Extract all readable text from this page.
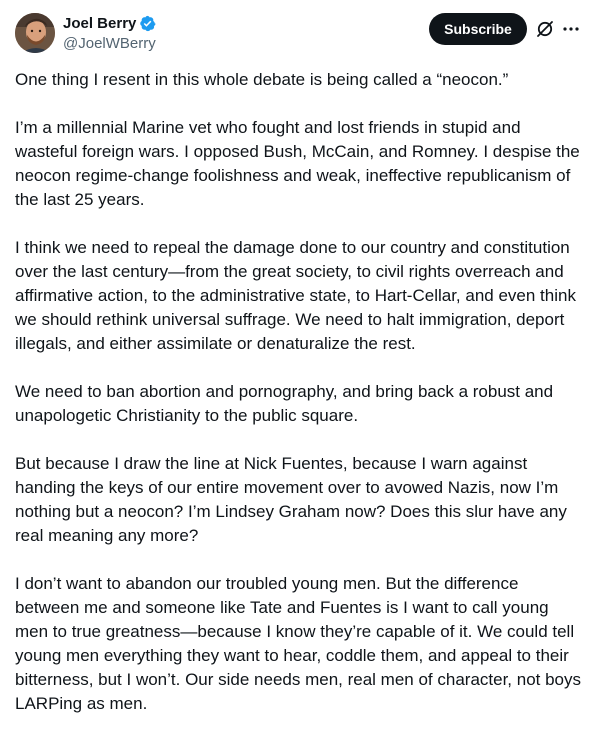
Joel Berry
@JoelWBerry
Subscribe

One thing I resent in this whole debate is being called a “neocon.”

I’m a millennial Marine vet who fought and lost friends in stupid and wasteful foreign wars. I opposed Bush, McCain, and Romney. I despise the neocon regime-change foolishness and weak, ineffective republicanism of the last 25 years.

I think we need to repeal the damage done to our country and constitution over the last century—from the great society, to civil rights overreach and affirmative action, to the administrative state, to Hart-Cellar, and even think we should rethink universal suffrage. We need to halt immigration, deport illegals, and either assimilate or denaturalize the rest.

We need to ban abortion and pornography, and bring back a robust and unapologetic Christianity to the public square.

But because I draw the line at Nick Fuentes, because I warn against handing the keys of our entire movement over to avowed Nazis, now I’m nothing but a neocon? I’m Lindsey Graham now? Does this slur have any real meaning any more?

I don’t want to abandon our troubled young men. But the difference between me and someone like Tate and Fuentes is I want to call young men to true greatness—because I know they’re capable of it. We could tell young men everything they want to hear, coddle them, and appeal to their bitterness, but I won’t. Our side needs men, real men of character, not boys LARPing as men.
